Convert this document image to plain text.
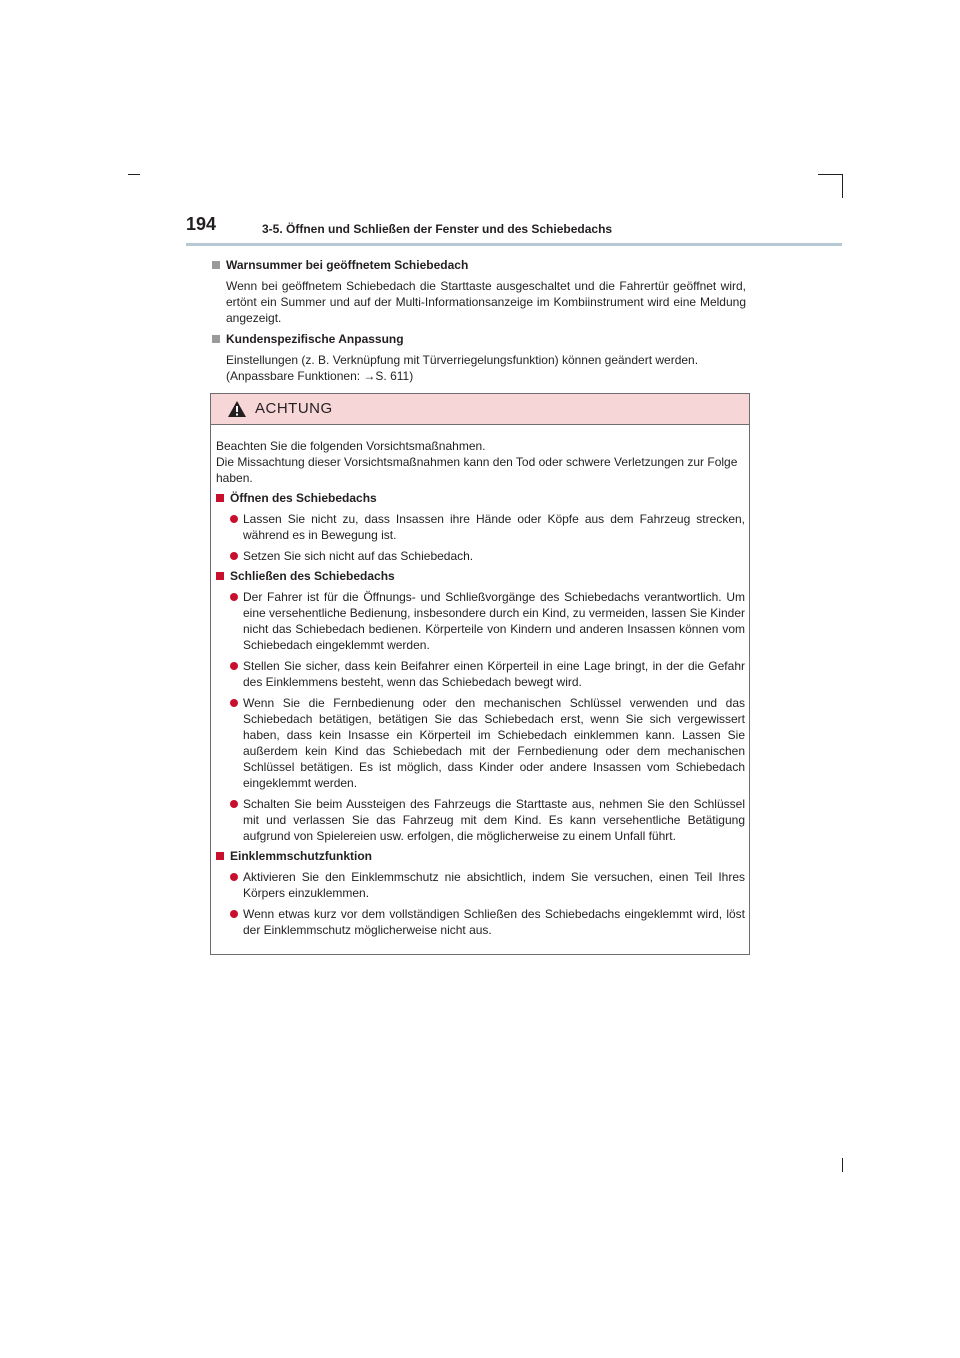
194	3-5. Öffnen und Schließen der Fenster und des Schiebedachs
Warnsummer bei geöffnetem Schiebedach
Wenn bei geöffnetem Schiebedach die Starttaste ausgeschaltet und die Fahrertür geöffnet wird, ertönt ein Summer und auf der Multi-Informationsanzeige im Kombiinstrument wird eine Meldung angezeigt.
Kundenspezifische Anpassung
Einstellungen (z. B. Verknüpfung mit Türverriegelungsfunktion) können geändert werden.
(Anpassbare Funktionen: →S. 611)
ACHTUNG
Beachten Sie die folgenden Vorsichtsmaßnahmen.
Die Missachtung dieser Vorsichtsmaßnahmen kann den Tod oder schwere Verletzungen zur Folge haben.
Öffnen des Schiebedachs
Lassen Sie nicht zu, dass Insassen ihre Hände oder Köpfe aus dem Fahrzeug strecken, während es in Bewegung ist.
Setzen Sie sich nicht auf das Schiebedach.
Schließen des Schiebedachs
Der Fahrer ist für die Öffnungs- und Schließvorgänge des Schiebedachs verantwortlich. Um eine versehentliche Bedienung, insbesondere durch ein Kind, zu vermeiden, lassen Sie Kinder nicht das Schiebedach bedienen. Körperteile von Kindern und anderen Insassen können vom Schiebedach eingeklemmt werden.
Stellen Sie sicher, dass kein Beifahrer einen Körperteil in eine Lage bringt, in der die Gefahr des Einklemmens besteht, wenn das Schiebedach bewegt wird.
Wenn Sie die Fernbedienung oder den mechanischen Schlüssel verwenden und das Schiebedach betätigen, betätigen Sie das Schiebedach erst, wenn Sie sich vergewissert haben, dass kein Insasse ein Körperteil im Schiebedach einklemmen kann. Lassen Sie außerdem kein Kind das Schiebedach mit der Fernbedienung oder dem mechanischen Schlüssel betätigen. Es ist möglich, dass Kinder oder andere Insassen vom Schiebedach eingeklemmt werden.
Schalten Sie beim Aussteigen des Fahrzeugs die Starttaste aus, nehmen Sie den Schlüssel mit und verlassen Sie das Fahrzeug mit dem Kind. Es kann versehentliche Betätigung aufgrund von Spielereien usw. erfolgen, die möglicherweise zu einem Unfall führt.
Einklemmschutzfunktion
Aktivieren Sie den Einklemmschutz nie absichtlich, indem Sie versuchen, einen Teil Ihres Körpers einzuklemmen.
Wenn etwas kurz vor dem vollständigen Schließen des Schiebedachs eingeklemmt wird, löst der Einklemmschutz möglicherweise nicht aus.
